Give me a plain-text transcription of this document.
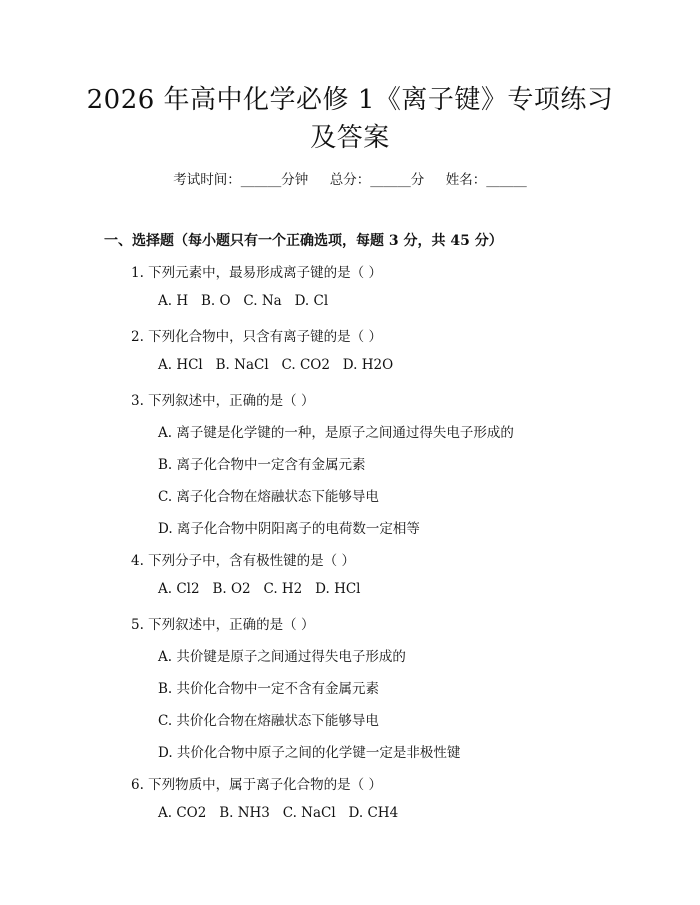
2026 年高中化学必修 1《离子键》专项练习
及答案
考试时间：______分钟     总分：______分     姓名：______
一、选择题（每小题只有一个正确选项，每题 3 分，共 45 分）
1. 下列元素中，最易形成离子键的是（ ）
A. H   B. O   C. Na   D. Cl
2. 下列化合物中，只含有离子键的是（ ）
A. HCl   B. NaCl   C. CO2   D. H2O
3. 下列叙述中，正确的是（ ）
A. 离子键是化学键的一种，是原子之间通过得失电子形成的
B. 离子化合物中一定含有金属元素
C. 离子化合物在熔融状态下能够导电
D. 离子化合物中阴阳离子的电荷数一定相等
4. 下列分子中，含有极性键的是（ ）
A. Cl2   B. O2   C. H2   D. HCl
5. 下列叙述中，正确的是（ ）
A. 共价键是原子之间通过得失电子形成的
B. 共价化合物中一定不含有金属元素
C. 共价化合物在熔融状态下能够导电
D. 共价化合物中原子之间的化学键一定是非极性键
6. 下列物质中，属于离子化合物的是（ ）
A. CO2   B. NH3   C. NaCl   D. CH4
